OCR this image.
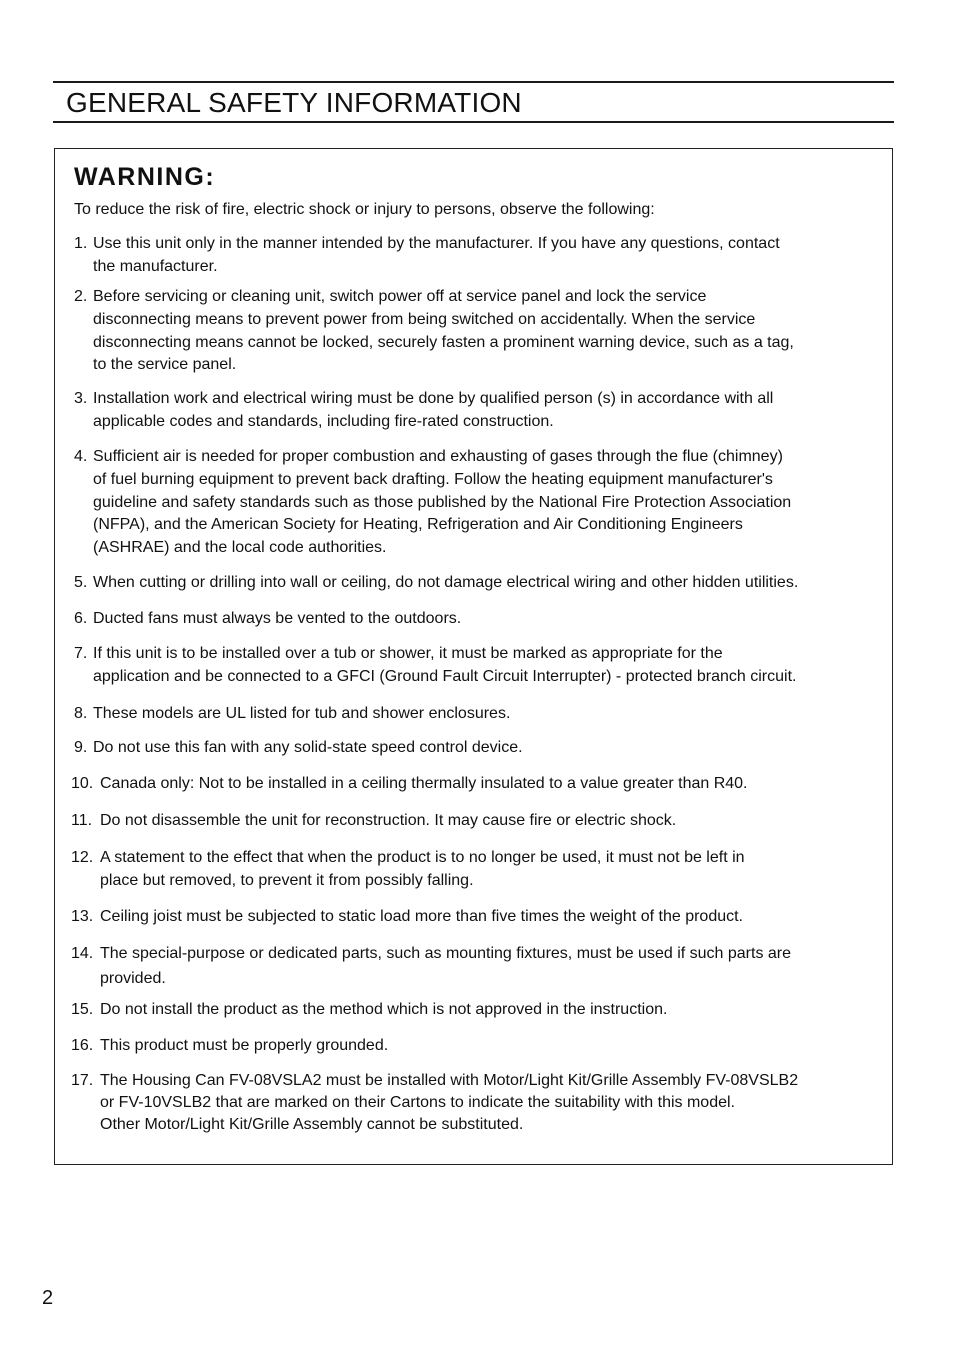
GENERAL SAFETY INFORMATION
WARNING:
To reduce the risk of fire, electric shock or injury to persons, observe the following:
1. Use this unit only in the manner intended by the manufacturer. If you have any questions, contact
the manufacturer.
2. Before servicing or cleaning unit, switch power off at service panel and lock the service
disconnecting means to prevent power from being switched on accidentally. When the service
disconnecting means cannot be locked, securely fasten a prominent warning device, such as a tag,
to the service panel.
3. Installation work and electrical wiring must be done by qualified person (s) in accordance with all
applicable codes and standards, including fire-rated construction.
4. Sufficient air is needed for proper combustion and exhausting of gases through the flue (chimney)
of fuel burning equipment to prevent back drafting. Follow the heating equipment manufacturer's
guideline and safety standards such as those published by the National Fire Protection Association
(NFPA), and the American Society for Heating, Refrigeration and Air Conditioning Engineers
(ASHRAE) and the local code authorities.
5. When cutting or drilling into wall or ceiling, do not damage electrical wiring and other hidden utilities.
6. Ducted fans must always be vented to the outdoors.
7. If this unit is to be installed over a tub or shower, it must be marked as appropriate for the
application and be connected to a GFCI (Ground Fault Circuit Interrupter) - protected branch circuit.
8. These models are UL listed for tub and shower enclosures.
9. Do not use this fan with any solid-state speed control device.
10. Canada only: Not to be installed in a ceiling thermally insulated to a value greater than R40.
11. Do not disassemble the unit for reconstruction. It may cause fire or electric shock.
12. A statement to the effect that when the product is to no longer be used, it must not be left in
place but removed, to prevent it from possibly falling.
13. Ceiling joist must be subjected to static load more than five times the weight of the product.
14. The special-purpose or dedicated parts, such as mounting fixtures, must be used if such parts are
provided.
15. Do not install the product as the method which is not approved in the instruction.
16. This product must be properly grounded.
17. The Housing Can FV-08VSLA2 must be installed with Motor/Light Kit/Grille Assembly FV-08VSLB2
or FV-10VSLB2 that are marked on their Cartons to indicate the suitability with this model.
Other Motor/Light Kit/Grille Assembly cannot be substituted.
2
